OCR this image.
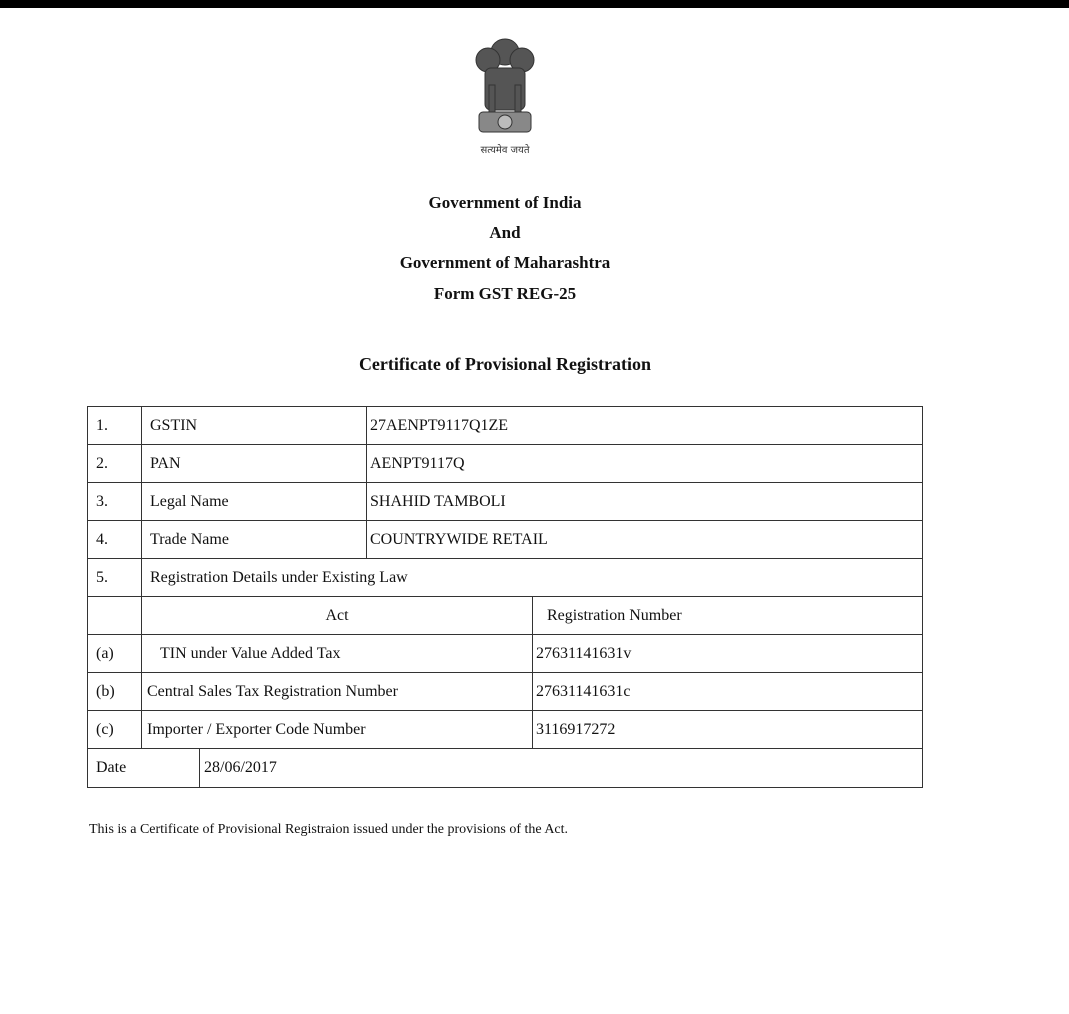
सत्यमेव जयते
Government of India
And
Government of Maharashtra
Form GST REG-25
Certificate of Provisional Registration
1.	GSTIN	27AENPT9117Q1ZE	
2.	PAN	AENPT9117Q	
3.	Legal Name	SHAHID TAMBOLI	
4.	Trade Name	COUNTRYWIDE RETAIL	
5.	Registration Details under Existing Law		
	Act		Registration Number
(a)	TIN under Value Added Tax		27631141631v
(b)	Central Sales Tax Registration Number		27631141631c
(c)	Importer / Exporter Code Number		3116917272

Date 28/06/2017			
This is a Certificate of Provisional Registraion issued under the provisions of the Act.
